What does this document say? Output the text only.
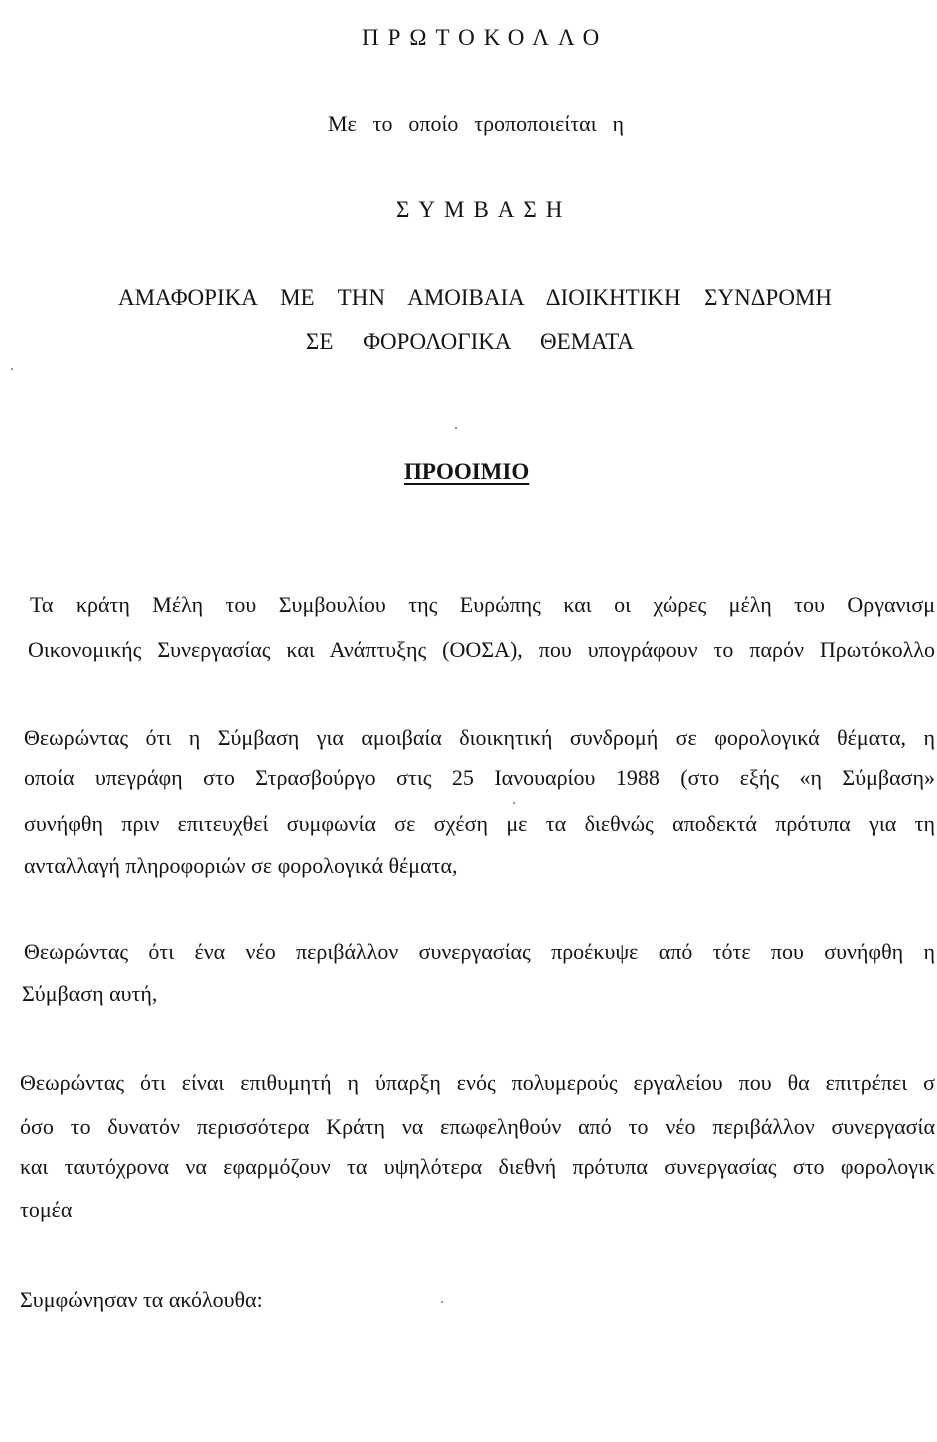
ΠΡΩΤΟΚΟΛΛΟ
Με το οποίο τροποποιείται η
ΣΥΜΒΑΣΗ
ΑΜΑΦΟΡΙΚΑ ΜΕ ΤΗΝ ΑΜΟΙΒΑΙΑ ΔΙΟΙΚΗΤΙΚΗ ΣΥΝΔΡΟΜΗ
ΣΕ ΦΟΡΟΛΟΓΙΚΑ ΘΕΜΑΤΑ
ΠΡΟΟΙΜΙΟ
Τα κράτη Μέλη του Συμβουλίου της Ευρώπης και οι χώρες μέλη του Οργανισμ
Οικονομικής Συνεργασίας και Ανάπτυξης (ΟΟΣΑ), που υπογράφουν το παρόν Πρωτόκολλο
Θεωρώντας ότι η Σύμβαση για αμοιβαία διοικητική συνδρομή σε φορολογικά θέματα, η
οποία υπεγράφη στο Στρασβούργο στις 25 Ιανουαρίου 1988 (στο εξής «η Σύμβαση»
συνήφθη πριν επιτευχθεί συμφωνία σε σχέση με τα διεθνώς αποδεκτά πρότυπα για τη
ανταλλαγή πληροφοριών σε φορολογικά θέματα,
Θεωρώντας ότι ένα νέο περιβάλλον συνεργασίας προέκυψε από τότε που συνήφθη η
Σύμβαση αυτή,
Θεωρώντας ότι είναι επιθυμητή η ύπαρξη ενός πολυμερούς εργαλείου που θα επιτρέπει σ
όσο το δυνατόν περισσότερα Κράτη να επωφεληθούν από το νέο περιβάλλον συνεργασία
και ταυτόχρονα να εφαρμόζουν τα υψηλότερα διεθνή πρότυπα συνεργασίας στο φορολογικ
τομέα
Συμφώνησαν τα ακόλουθα:
